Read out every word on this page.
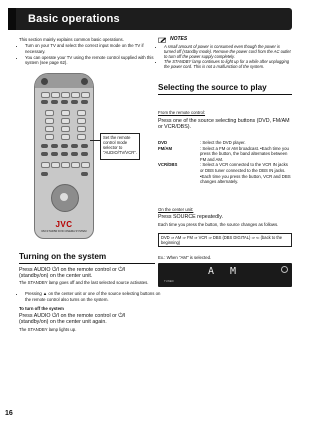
Basic operations

This section mainly explains common basic operations.

• Turn on your TV and select the correct input mode on the TV if necessary.
• You can operate your TV using the remote control supplied with this system (see page 62).
NOTES
• A small amount of power is consumed even though the power is turned off (standby mode). Remove the power cord from the AC outlet to turn off the power supply completely.
• The STANDBY lamp continues to light up for a while after unplugging the power cord. This is not a malfunction of the system.
JVC
RM-STHD5R DVD CINEMA SYSTEM
Set the remote control mode selector to "AUDIO/TV/VCR".
Selecting the source to play
From the remote control:
Press one of the source selecting buttons (DVD, FM/AM or VCR/DBS).
DVD	: Select the DVD player.
FM/AM	: Select a FM or AM broadcast. •Each time you press the button, the band alternates between FM and AM.
VCR/DBS	: Select a VCR connected to the VCR IN jacks or DBS tuner connected to the DBS IN jacks. •Each time you press the button, VCR and DBS changes alternately.
On the center unit:
Press SOURCE repeatedly.
Each time you press the button, the source changes as follows.
DVD ⇒ AM ⇒ FM ⇒ VCR ⇒ DBS (DBS DIGITAL) ⇒ ⇐ (back to the beginning)
Ex.: When "AM" is selected.
A M
TUNED
Turning on the system
Press AUDIO ⏻/I on the remote control or ⏻/I (standby/on) on the center unit.
The STANDBY lamp goes off and the last selected source activates.
• Pressing ▲ on the center unit or one of the source selecting buttons on the remote control also turns on the system.
To turn off the system
Press AUDIO ⏻/I on the remote control or ⏻/I (standby/on) on the center unit again.
The STANDBY lamp lights up.
16
